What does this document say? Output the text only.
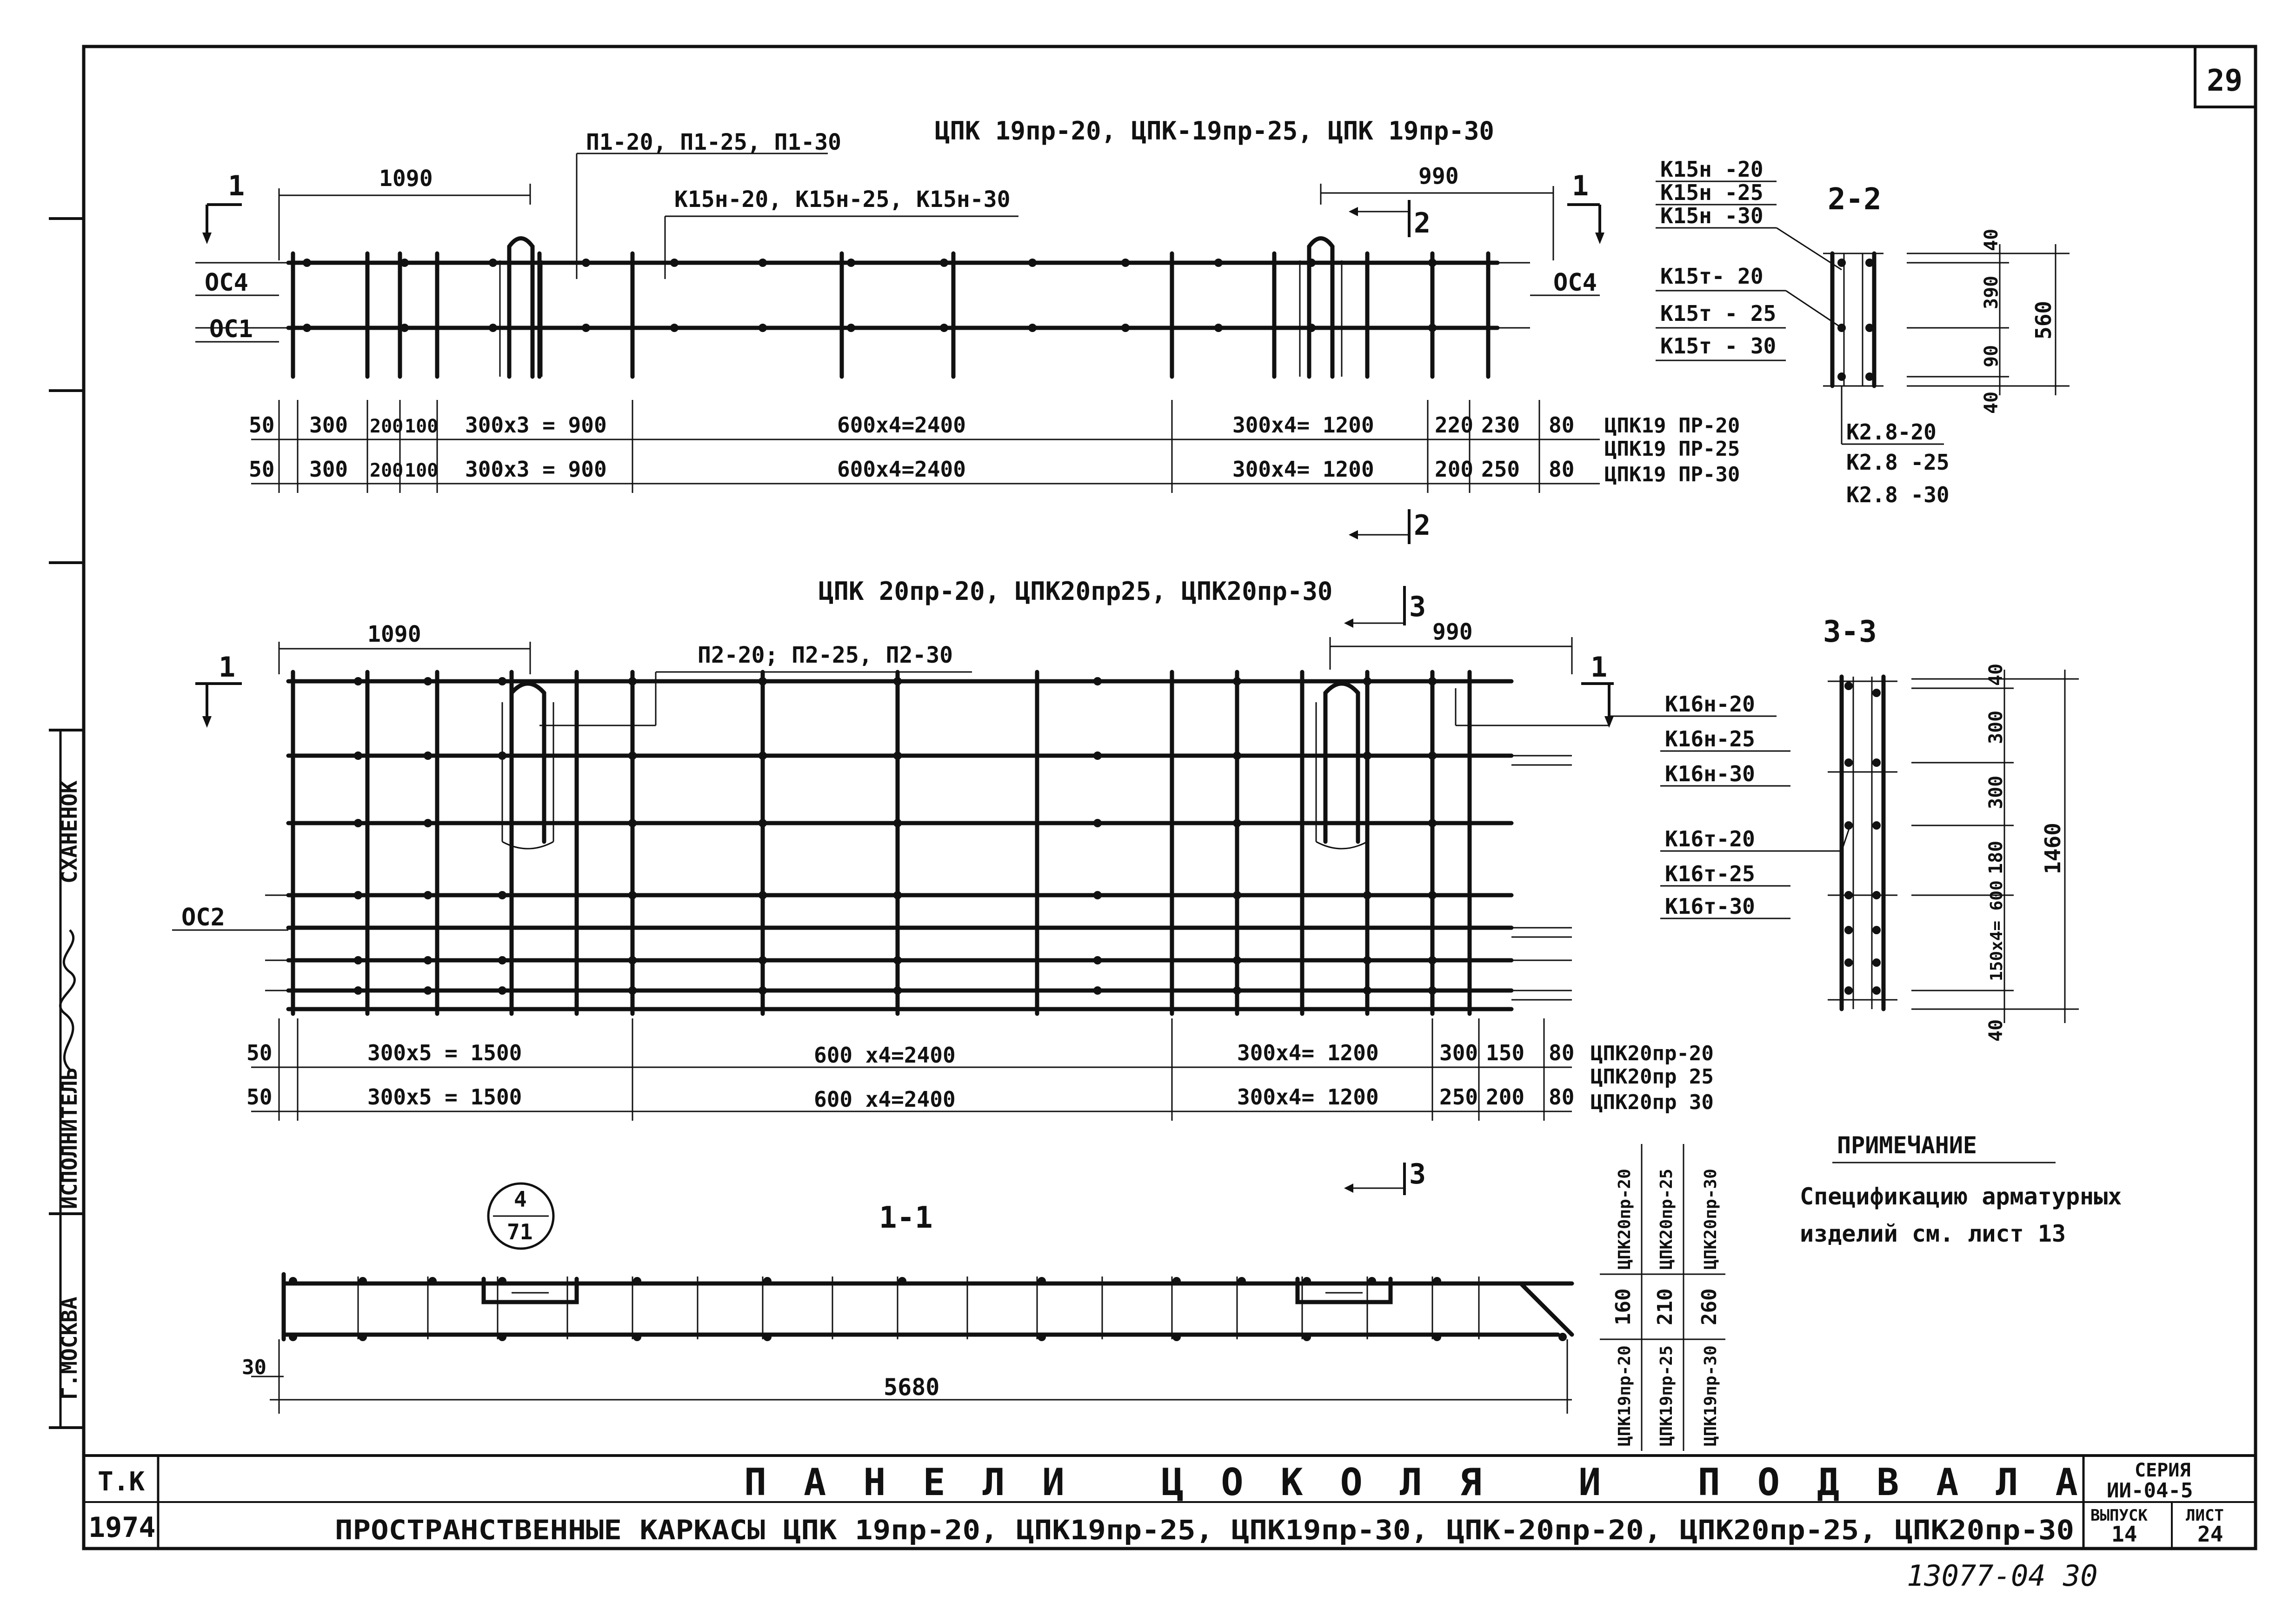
Г.МОСКВА
ИСПОЛНИТЕЛЬ
СХАНЕНОК
29
ЦПК 19пр-20, ЦПК-19пр-25, ЦПК 19пр-30
П1-20, П1-25, П1-30
К15н-20, К15н-25, К15н-30
1090	990
1	1
2
2
ОС4
ОС1
ОС4
50 300 200 100 300x3 = 900	600x4=2400	300x4= 1200	220 230 80 ЦПК19 ПР-20
50 300 200 100 300x3 = 900	600x4=2400	300x4= 1200	200 250 80
ЦПК19 ПР-25
ЦПК19 ПР-30
2-2
К15н -20
К15н -25
К15н -30
К15т- 20
К15т - 25
К15т - 30
К2.8-20
К2.8 -25
К2.8 -30
40
390
90
40
560
ЦПК 20пр-20, ЦПК20пр25, ЦПК20пр-30
П2-20; П2-25, П2-30
1090	990
1	1
3
3
ОС2
К16н-20
К16н-25
К16н-30
К16т-20
К16т-25
К16т-30
50	300x5 = 1500	600 x4=2400	300x4= 1200	300 150 80 ЦПК20пр-20
50	300x5 = 1500	600 x4=2400	300x4= 1200	250 200 80
ЦПК20пр 25
ЦПК20пр 30
3-3
40
300
300
180
150x4= 600
40
1460
1-1
4
71
30
5680
ЦПК20пр-20 ЦПК20пр-25 ЦПК20пр-30
160 210 260
ЦПК19пр-20 ЦПК19пр-25 ЦПК19пр-30
ПРИМЕЧАНИЕ
Спецификацию арматурных
изделий см. лист 13
Т.К
1974
ПАНЕЛИ ЦОКОЛЯ И ПОДВАЛА
ПРОСТРАНСТВЕННЫЕ КАРКАСЫ ЦПК 19пр-20, ЦПК19пр-25, ЦПК19пр-30, ЦПК-20пр-20, ЦПК20пр-25, ЦПК20пр-30
СЕРИЯ
ИИ-04-5
ВЫПУСК
14
ЛИСТ
24
13077-04 30
